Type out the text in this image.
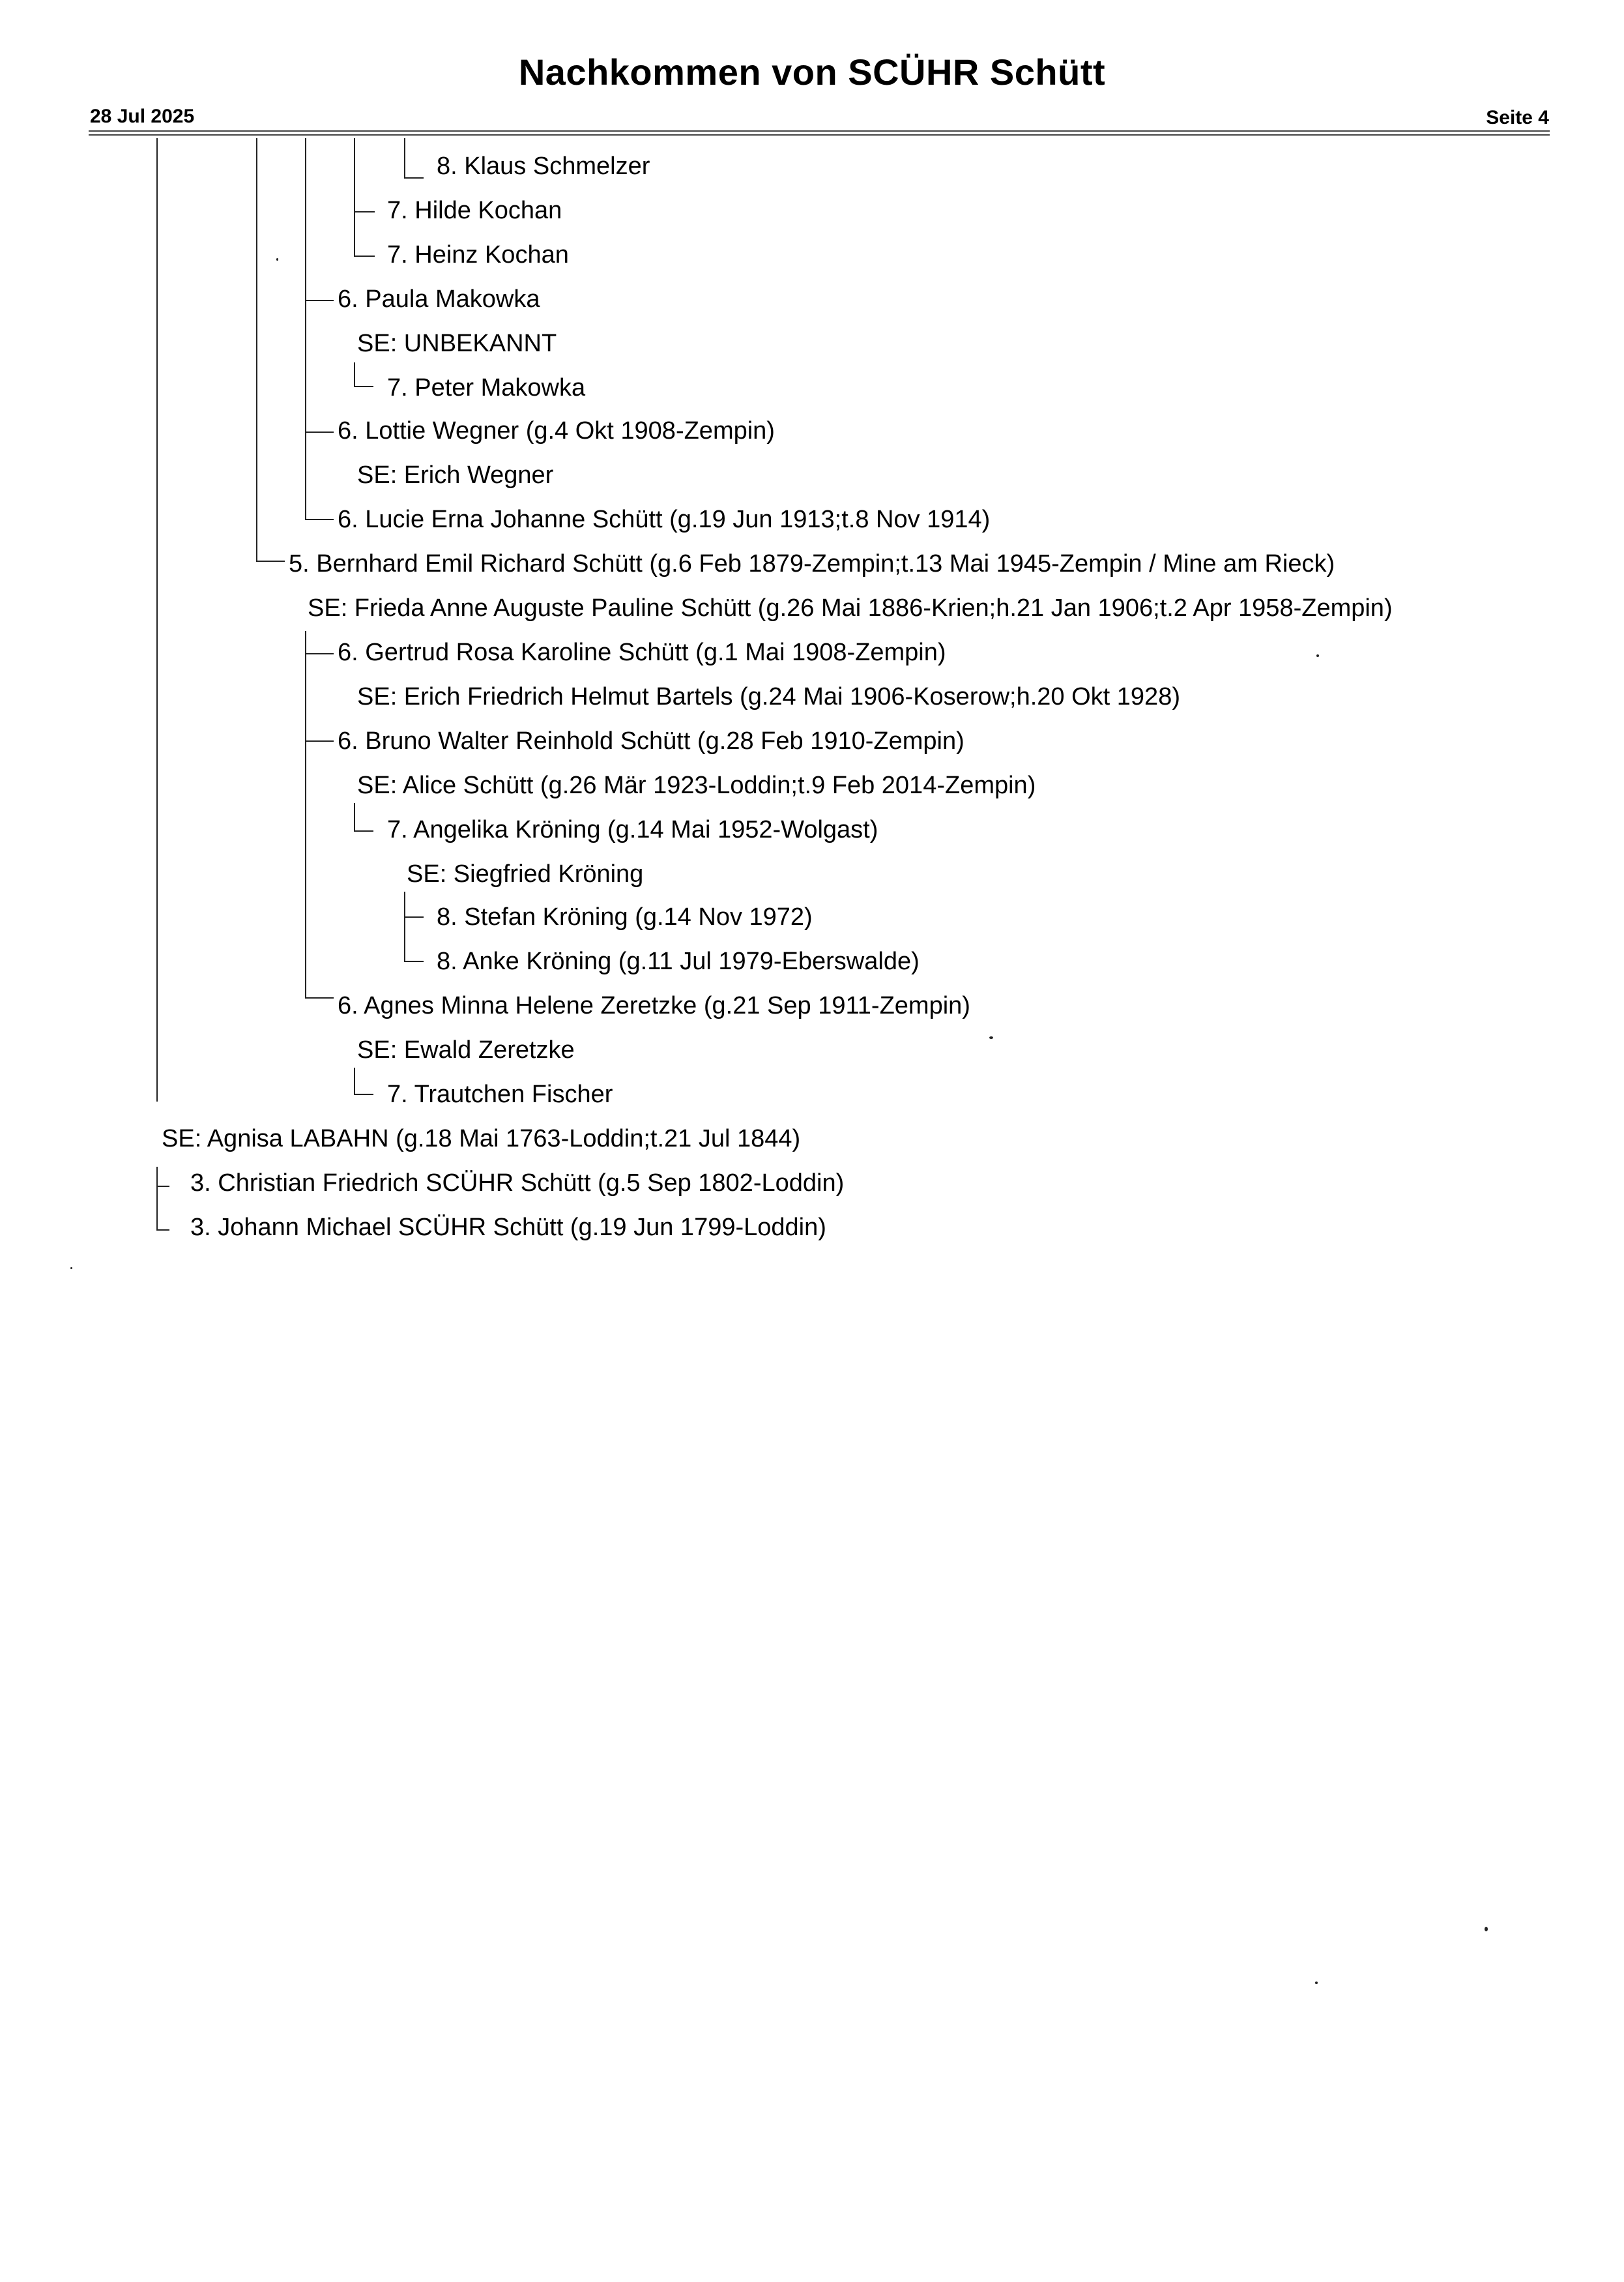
Nachkommen von SCÜHR Schütt
28 Jul 2025	Seite 4
8. Klaus Schmelzer
7. Hilde Kochan
7. Heinz Kochan
6. Paula Makowka
SE: UNBEKANNT
7. Peter Makowka
6. Lottie Wegner (g.4 Okt 1908-Zempin)
SE: Erich Wegner
6. Lucie Erna Johanne Schütt (g.19 Jun 1913;t.8 Nov 1914)
5. Bernhard Emil Richard Schütt (g.6 Feb 1879-Zempin;t.13 Mai 1945-Zempin / Mine am Rieck)
SE: Frieda Anne Auguste Pauline Schütt (g.26 Mai 1886-Krien;h.21 Jan 1906;t.2 Apr 1958-Zempin)
6. Gertrud Rosa Karoline Schütt (g.1 Mai 1908-Zempin)
SE: Erich Friedrich Helmut Bartels (g.24 Mai 1906-Koserow;h.20 Okt 1928)
6. Bruno Walter Reinhold Schütt (g.28 Feb 1910-Zempin)
SE: Alice Schütt (g.26 Mär 1923-Loddin;t.9 Feb 2014-Zempin)
7. Angelika Kröning (g.14 Mai 1952-Wolgast)
SE: Siegfried Kröning
8. Stefan Kröning (g.14 Nov 1972)
8. Anke Kröning (g.11 Jul 1979-Eberswalde)
6. Agnes Minna Helene Zeretzke (g.21 Sep 1911-Zempin)
SE: Ewald Zeretzke
7. Trautchen Fischer
SE: Agnisa LABAHN (g.18 Mai 1763-Loddin;t.21 Jul 1844)
3. Christian Friedrich SCÜHR Schütt (g.5 Sep 1802-Loddin)
3. Johann Michael SCÜHR Schütt (g.19 Jun 1799-Loddin)
